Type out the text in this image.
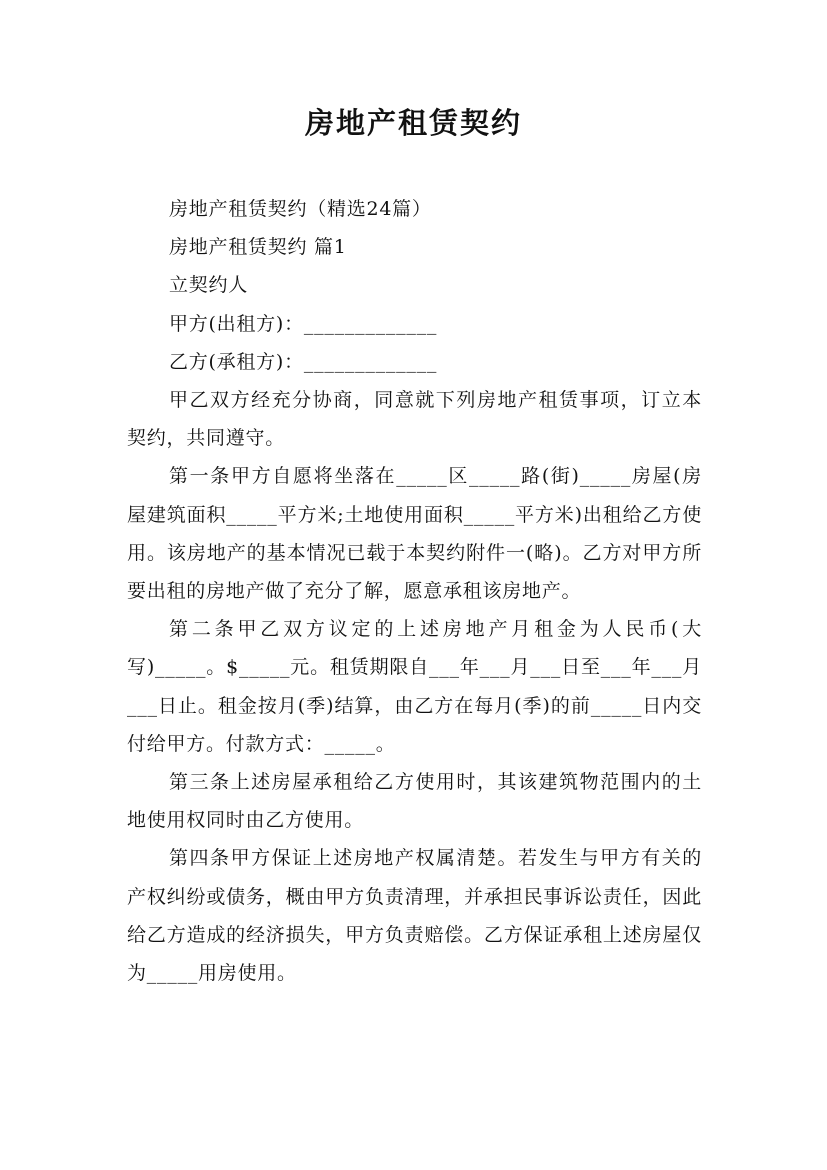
房地产租赁契约

房地产租赁契约（精选24篇）

房地产租赁契约 篇1

立契约人

甲方(出租方)：_____________

乙方(承租方)：_____________

甲乙双方经充分协商，同意就下列房地产租赁事项，订立本契约，共同遵守。

第一条甲方自愿将坐落在_____区_____路(街)_____房屋(房屋建筑面积_____平方米;土地使用面积_____平方米)出租给乙方使用。该房地产的基本情况已载于本契约附件一(略)。乙方对甲方所要出租的房地产做了充分了解，愿意承租该房地产。

第二条甲乙双方议定的上述房地产月租金为人民币(大写)_____。$_____元。租赁期限自___年___月___日至___年___月___日止。租金按月(季)结算，由乙方在每月(季)的前_____日内交付给甲方。付款方式：_____。

第三条上述房屋承租给乙方使用时，其该建筑物范围内的土地使用权同时由乙方使用。

第四条甲方保证上述房地产权属清楚。若发生与甲方有关的产权纠纷或债务，概由甲方负责清理，并承担民事诉讼责任，因此给乙方造成的经济损失，甲方负责赔偿。乙方保证承租上述房屋仅为_____用房使用。
